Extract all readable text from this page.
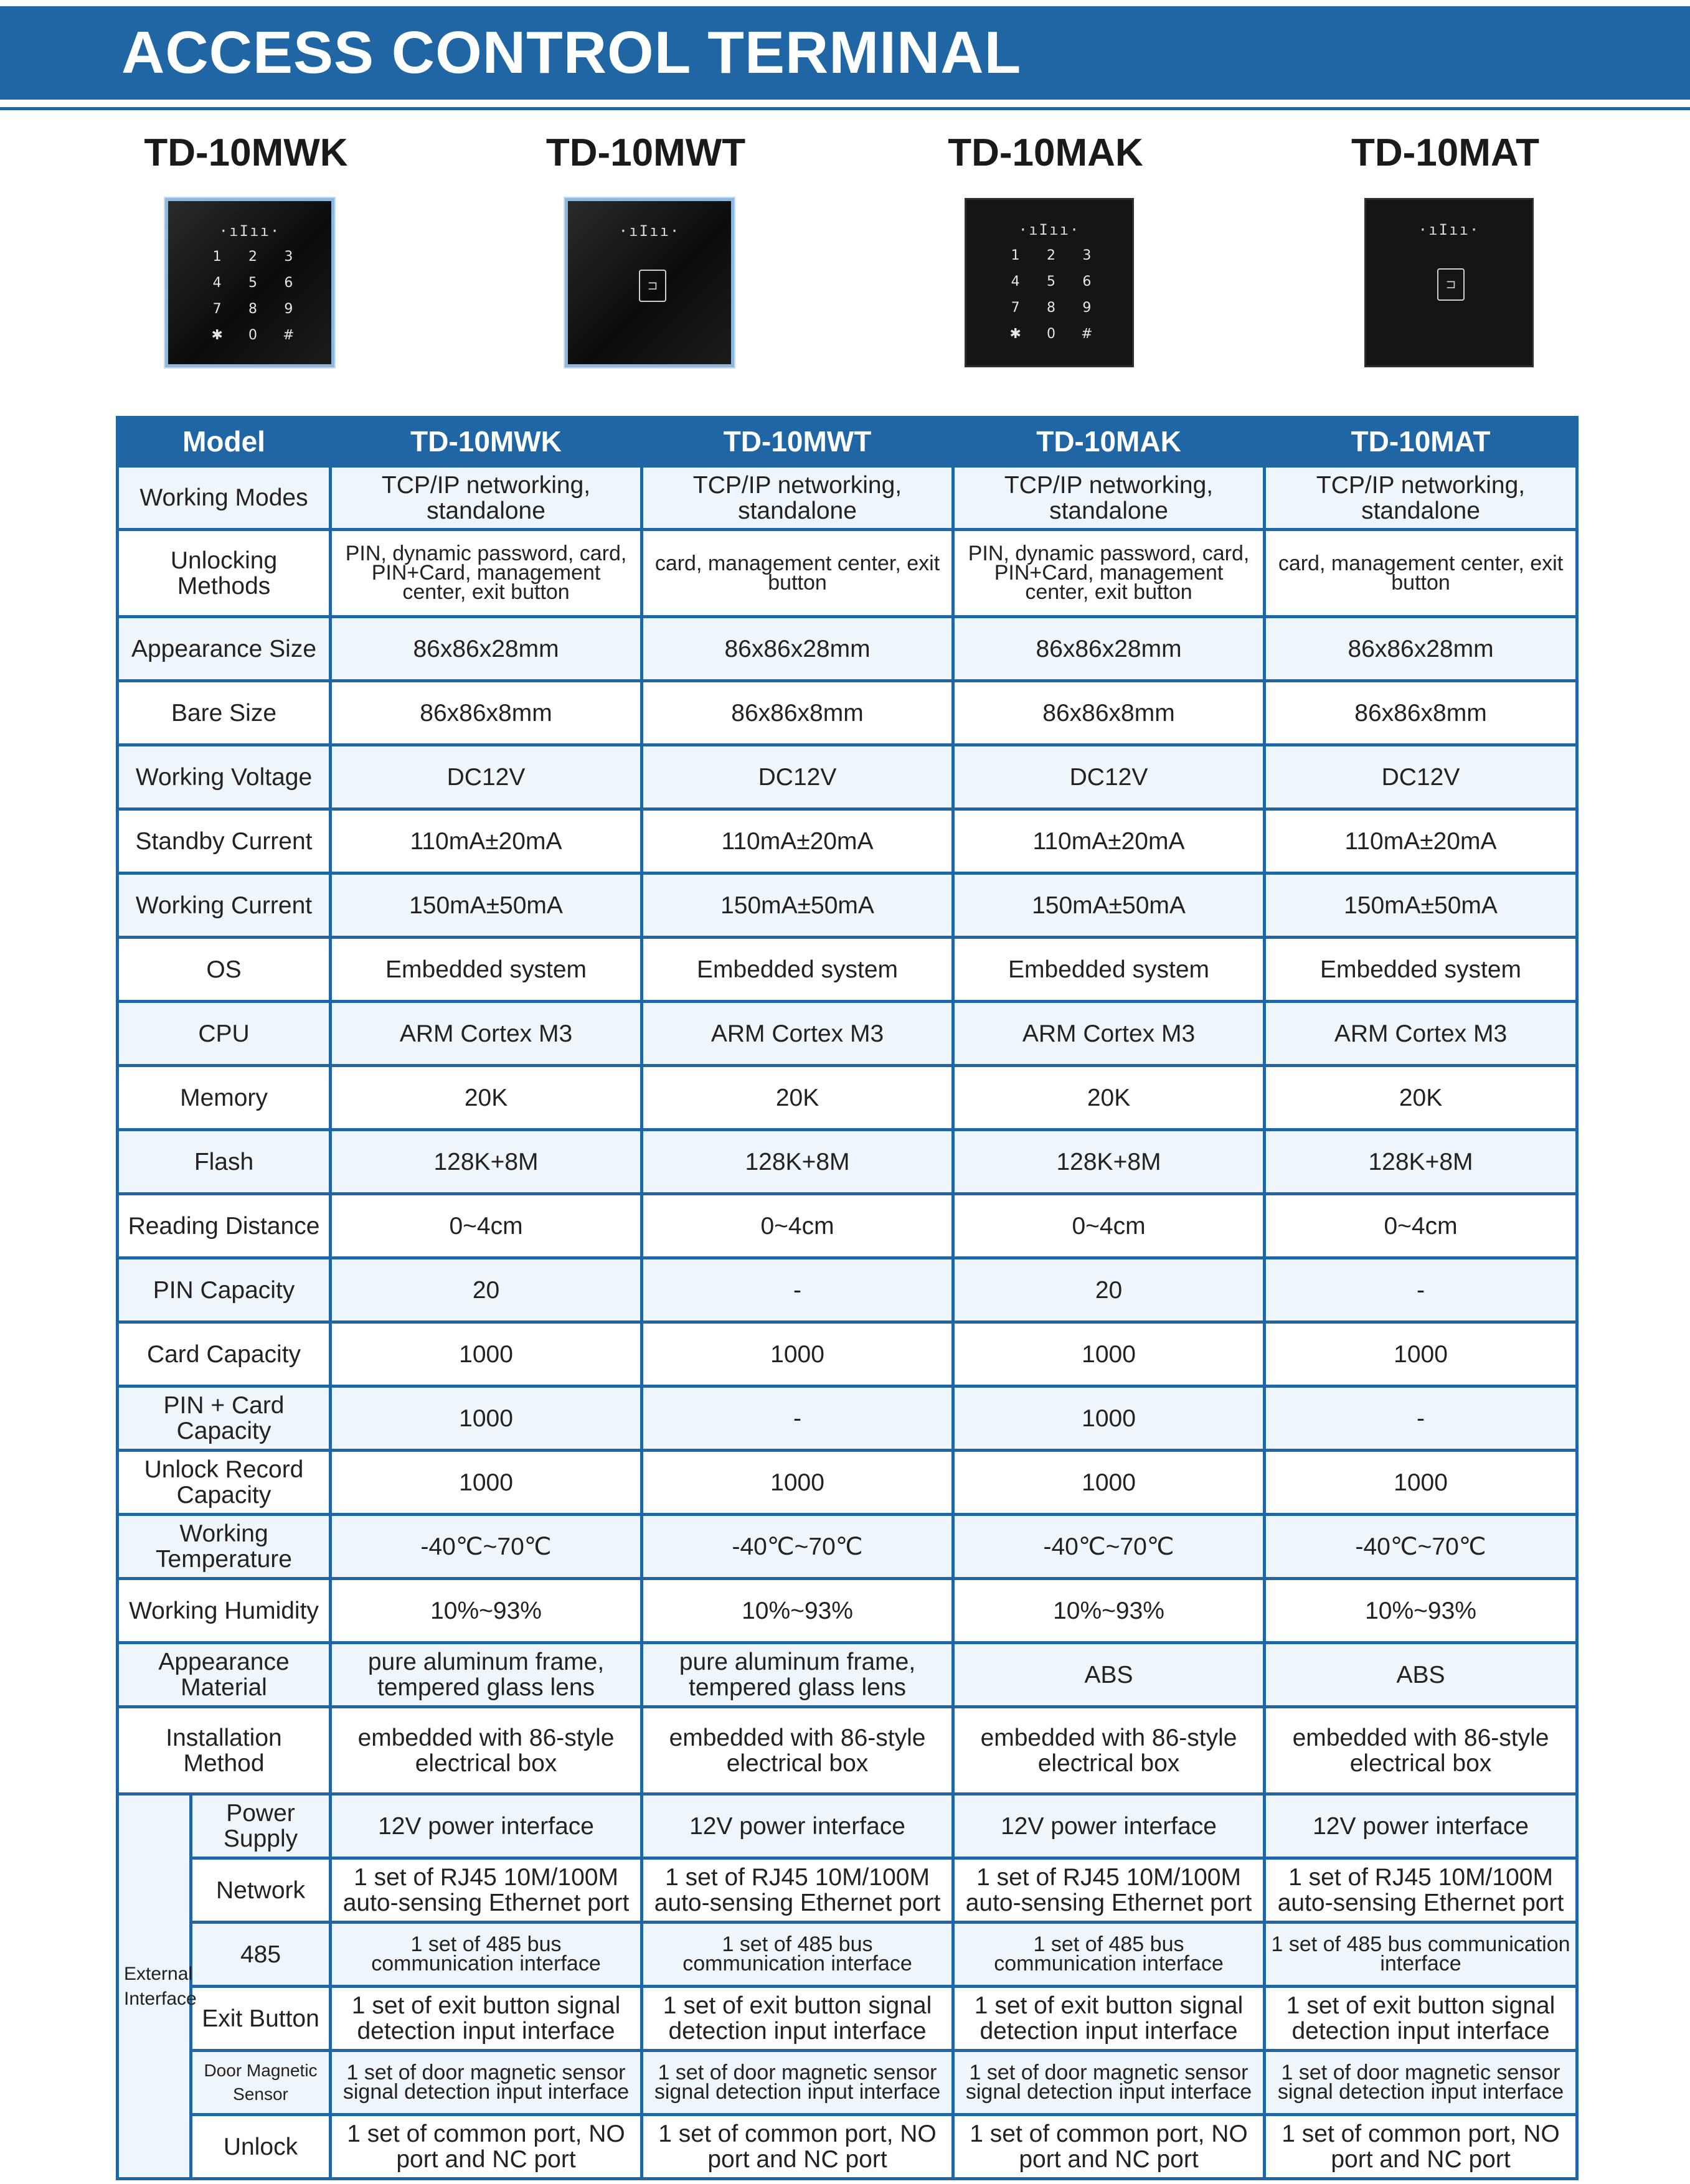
ACCESS CONTROL TERMINAL
TD-10MWK
·ıIıı·
1	2	3
4	5	6
7	8	9
✱	0	#
TD-10MWT
·ıIıı·
⊐
TD-10MAK
·ıIıı·
1	2	3
4	5	6
7	8	9
✱	0	#
TD-10MAT
·ıIıı·
⊐
Model		TD-10MWK	TD-10MWT	TD-10MAK	TD-10MAT
Working Modes		TCP/IP networking, standalone	TCP/IP networking, standalone	TCP/IP networking, standalone	TCP/IP networking, standalone
Unlocking Methods		PIN, dynamic password, card, PIN+Card, management center, exit button	card, management center, exit button	PIN, dynamic password, card, PIN+Card, management center, exit button	card, management center, exit button
Appearance Size		86x86x28mm	86x86x28mm	86x86x28mm	86x86x28mm
Bare Size		86x86x8mm	86x86x8mm	86x86x8mm	86x86x8mm
Working Voltage		DC12V	DC12V	DC12V	DC12V
Standby Current		110mA±20mA	110mA±20mA	110mA±20mA	110mA±20mA
Working Current		150mA±50mA	150mA±50mA	150mA±50mA	150mA±50mA
OS		Embedded system	Embedded system	Embedded system	Embedded system
CPU		ARM Cortex M3	ARM Cortex M3	ARM Cortex M3	ARM Cortex M3
Memory		20K	20K	20K	20K
Flash		128K+8M	128K+8M	128K+8M	128K+8M
Reading Distance		0~4cm	0~4cm	0~4cm	0~4cm
PIN Capacity		20	-	20	-
Card Capacity		1000	1000	1000	1000
PIN + Card Capacity		1000	-	1000	-
Unlock Record Capacity		1000	1000	1000	1000
Working Temperature		-40℃~70℃	-40℃~70℃	-40℃~70℃	-40℃~70℃
Working Humidity		10%~93%	10%~93%	10%~93%	10%~93%
Appearance Material		pure aluminum frame, tempered glass lens	pure aluminum frame, tempered glass lens	ABS	ABS
Installation Method		embedded with 86-style electrical box	embedded with 86-style electrical box	embedded with 86-style electrical box	embedded with 86-style electrical box
External Interface	Power Supply	12V power interface	12V power interface	12V power interface	12V power interface
	Network	1 set of RJ45 10M/100M auto-sensing Ethernet port	1 set of RJ45 10M/100M auto-sensing Ethernet port	1 set of RJ45 10M/100M auto-sensing Ethernet port	1 set of RJ45 10M/100M auto-sensing Ethernet port
	485	1 set of 485 bus communication interface	1 set of 485 bus communication interface	1 set of 485 bus communication interface	1 set of 485 bus communication interface
	Exit Button	1 set of exit button signal detection input interface	1 set of exit button signal detection input interface	1 set of exit button signal detection input interface	1 set of exit button signal detection input interface
	Door Magnetic Sensor	1 set of door magnetic sensor signal detection input interface	1 set of door magnetic sensor signal detection input interface	1 set of door magnetic sensor signal detection input interface	1 set of door magnetic sensor signal detection input interface
	Unlock	1 set of common port, NO port and NC port	1 set of common port, NO port and NC port	1 set of common port, NO port and NC port	1 set of common port, NO port and NC port
